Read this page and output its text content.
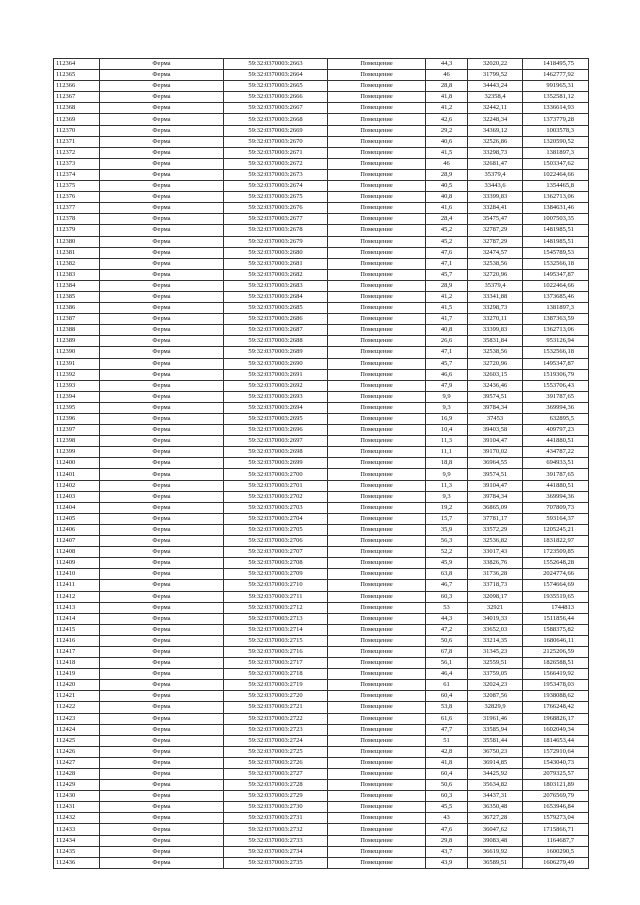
112364	Ферма	59:32:0370003:2663	Помещение	44,3	32020,22	1418495,75
112365	Ферма	59:32:0370003:2664	Помещение	46	31799,52	1462777,92
112366	Ферма	59:32:0370003:2665	Помещение	28,8	34443,24	991965,31
112367	Ферма	59:32:0370003:2666	Помещение	41,8	32358,4	1352581,12
112368	Ферма	59:32:0370003:2667	Помещение	41,2	32442,11	1336614,93
112369	Ферма	59:32:0370003:2668	Помещение	42,6	32248,34	1373779,28
112370	Ферма	59:32:0370003:2669	Помещение	29,2	34369,12	1003578,3
112371	Ферма	59:32:0370003:2670	Помещение	40,6	32526,86	1320590,52
112372	Ферма	59:32:0370003:2671	Помещение	41,5	33298,73	1381897,3
112373	Ферма	59:32:0370003:2672	Помещение	46	32681,47	1503347,62
112374	Ферма	59:32:0370003:2673	Помещение	28,9	35379,4	1022464,66
112375	Ферма	59:32:0370003:2674	Помещение	40,5	33443,6	1354465,8
112376	Ферма	59:32:0370003:2675	Помещение	40,8	33399,83	1362713,06
112377	Ферма	59:32:0370003:2676	Помещение	41,6	33284,41	1384631,46
112378	Ферма	59:32:0370003:2677	Помещение	28,4	35475,47	1007503,35
112379	Ферма	59:32:0370003:2678	Помещение	45,2	32787,29	1481985,51
112380	Ферма	59:32:0370003:2679	Помещение	45,2	32787,29	1481985,51
112381	Ферма	59:32:0370003:2680	Помещение	47,6	32474,57	1545789,53
112382	Ферма	59:32:0370003:2681	Помещение	47,1	32538,56	1532566,18
112383	Ферма	59:32:0370003:2682	Помещение	45,7	32720,96	1495347,87
112384	Ферма	59:32:0370003:2683	Помещение	28,9	35379,4	1022464,66
112385	Ферма	59:32:0370003:2684	Помещение	41,2	33341,88	1373685,46
112386	Ферма	59:32:0370003:2685	Помещение	41,5	33298,73	1381897,3
112387	Ферма	59:32:0370003:2686	Помещение	41,7	33270,11	1387363,59
112388	Ферма	59:32:0370003:2687	Помещение	40,8	33399,83	1362713,06
112389	Ферма	59:32:0370003:2688	Помещение	26,6	35831,84	953126,94
112390	Ферма	59:32:0370003:2689	Помещение	47,1	32538,56	1532566,18
112391	Ферма	59:32:0370003:2690	Помещение	45,7	32720,96	1495347,87
112392	Ферма	59:32:0370003:2691	Помещение	46,6	32603,15	1519306,79
112393	Ферма	59:32:0370003:2692	Помещение	47,9	32436,46	1553706,43
112394	Ферма	59:32:0370003:2693	Помещение	9,9	39574,51	391787,65
112395	Ферма	59:32:0370003:2694	Помещение	9,3	39784,34	369994,36
112396	Ферма	59:32:0370003:2695	Помещение	16,9	37453	632895,5
112397	Ферма	59:32:0370003:2696	Помещение	10,4	39403,58	409797,23
112398	Ферма	59:32:0370003:2697	Помещение	11,3	39104,47	441880,51
112399	Ферма	59:32:0370003:2698	Помещение	11,1	39170,02	434787,22
112400	Ферма	59:32:0370003:2699	Помещение	18,8	36964,55	694933,51
112401	Ферма	59:32:0370003:2700	Помещение	9,9	39574,51	391787,65
112402	Ферма	59:32:0370003:2701	Помещение	11,3	39104,47	441880,51
112403	Ферма	59:32:0370003:2702	Помещение	9,3	39784,34	369994,36
112404	Ферма	59:32:0370003:2703	Помещение	19,2	36865,09	707809,73
112405	Ферма	59:32:0370003:2704	Помещение	15,7	37781,17	593164,37
112406	Ферма	59:32:0370003:2705	Помещение	35,9	33572,29	1205245,21
112407	Ферма	59:32:0370003:2706	Помещение	56,3	32536,82	1831822,97
112408	Ферма	59:32:0370003:2707	Помещение	52,2	33017,43	1723509,85
112409	Ферма	59:32:0370003:2708	Помещение	45,9	33826,76	1552648,28
112410	Ферма	59:32:0370003:2709	Помещение	63,8	31736,28	2024774,66
112411	Ферма	59:32:0370003:2710	Помещение	46,7	33718,73	1574664,69
112412	Ферма	59:32:0370003:2711	Помещение	60,3	32098,17	1935519,65
112413	Ферма	59:32:0370003:2712	Помещение	53	32921	1744813
112414	Ферма	59:32:0370003:2713	Помещение	44,3	34019,33	1511856,44
112415	Ферма	59:32:0370003:2714	Помещение	47,2	33652,03	1588375,82
112416	Ферма	59:32:0370003:2715	Помещение	50,6	33214,35	1680646,11
112417	Ферма	59:32:0370003:2716	Помещение	67,8	31345,23	2125206,59
112418	Ферма	59:32:0370003:2717	Помещение	56,1	32559,51	1826588,51
112419	Ферма	59:32:0370003:2718	Помещение	46,4	33759,05	1566419,92
112420	Ферма	59:32:0370003:2719	Помещение	61	32024,23	1953478,03
112421	Ферма	59:32:0370003:2720	Помещение	60,4	32087,56	1938088,62
112422	Ферма	59:32:0370003:2721	Помещение	53,8	32829,9	1766248,42
112423	Ферма	59:32:0370003:2722	Помещение	61,6	31961,46	1968826,17
112424	Ферма	59:32:0370003:2723	Помещение	47,7	33585,94	1602049,34
112425	Ферма	59:32:0370003:2724	Помещение	51	35581,44	1814653,44
112426	Ферма	59:32:0370003:2725	Помещение	42,8	36750,23	1572910,64
112427	Ферма	59:32:0370003:2726	Помещение	41,8	36914,85	1543040,73
112428	Ферма	59:32:0370003:2727	Помещение	60,4	34425,92	2079325,57
112429	Ферма	59:32:0370003:2728	Помещение	50,6	35634,82	1803121,89
112430	Ферма	59:32:0370003:2729	Помещение	60,3	34437,31	2076569,79
112431	Ферма	59:32:0370003:2730	Помещение	45,5	36350,48	1653946,84
112432	Ферма	59:32:0370003:2731	Помещение	43	36727,28	1579273,04
112433	Ферма	59:32:0370003:2732	Помещение	47,6	36047,62	1715866,71
112434	Ферма	59:32:0370003:2733	Помещение	29,8	39083,48	1164687,7
112435	Ферма	59:32:0370003:2734	Помещение	43,7	36619,92	1600290,5
112436	Ферма	59:32:0370003:2735	Помещение	43,9	36589,51	1606279,49
